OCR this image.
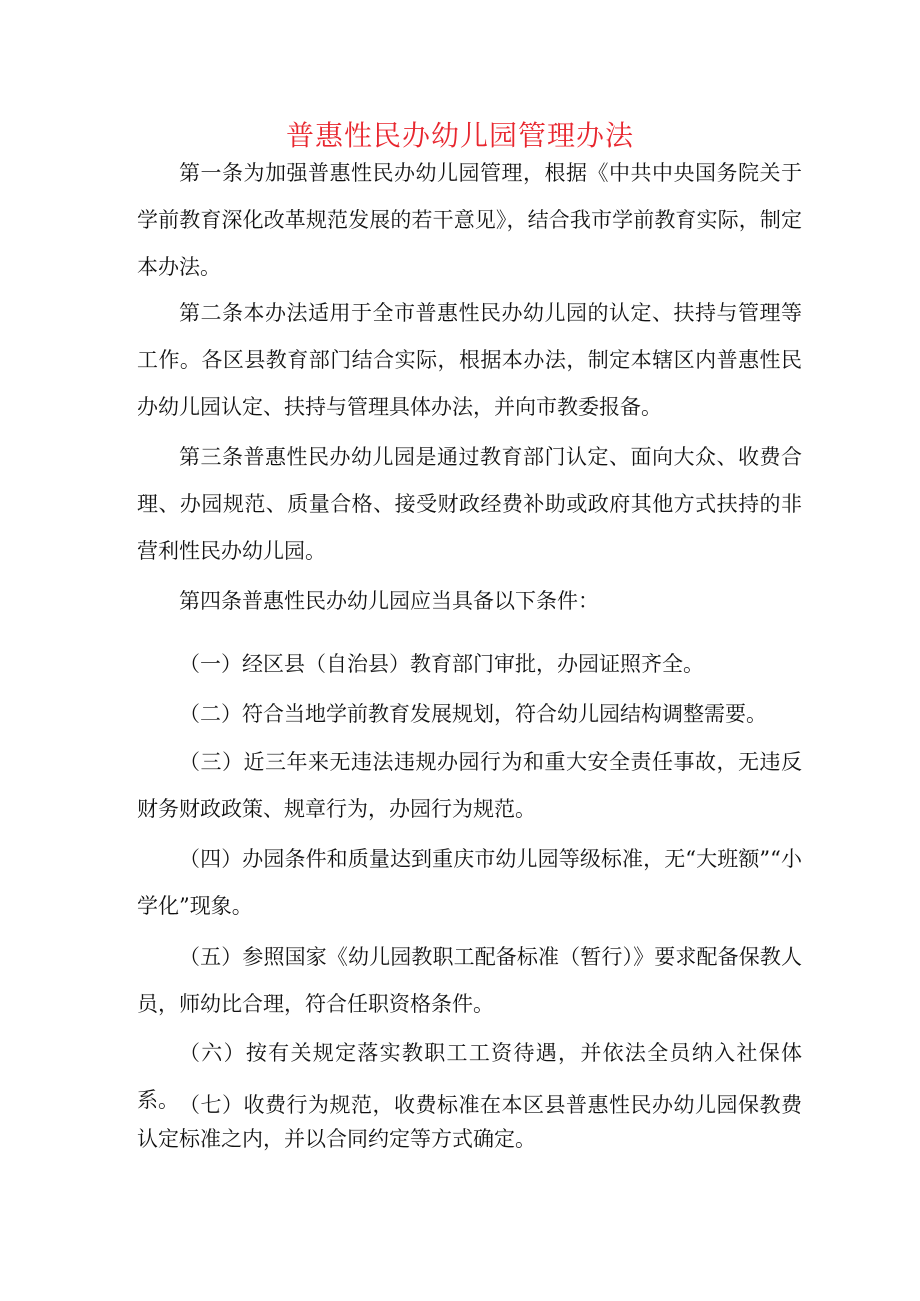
普惠性民办幼儿园管理办法

第一条为加强普惠性民办幼儿园管理，根据《中共中央国务院关于学前教育深化改革规范发展的若干意见》，结合我市学前教育实际，制定本办法。

第二条本办法适用于全市普惠性民办幼儿园的认定、扶持与管理等工作。各区县教育部门结合实际，根据本办法，制定本辖区内普惠性民办幼儿园认定、扶持与管理具体办法，并向市教委报备。

第三条普惠性民办幼儿园是通过教育部门认定、面向大众、收费合理、办园规范、质量合格、接受财政经费补助或政府其他方式扶持的非营利性民办幼儿园。

第四条普惠性民办幼儿园应当具备以下条件：

（一）经区县（自治县）教育部门审批，办园证照齐全。

（二）符合当地学前教育发展规划，符合幼儿园结构调整需要。

（三）近三年来无违法违规办园行为和重大安全责任事故，无违反财务财政政策、规章行为，办园行为规范。

（四）办园条件和质量达到重庆市幼儿园等级标准，无“大班额”“小学化”现象。

（五）参照国家《幼儿园教职工配备标准（暂行）》要求配备保教人员，师幼比合理，符合任职资格条件。

（六）按有关规定落实教职工工资待遇，并依法全员纳入社保体系。 （七）收费行为规范，收费标准在本区县普惠性民办幼儿园保教费认定标准之内，并以合同约定等方式确定。
